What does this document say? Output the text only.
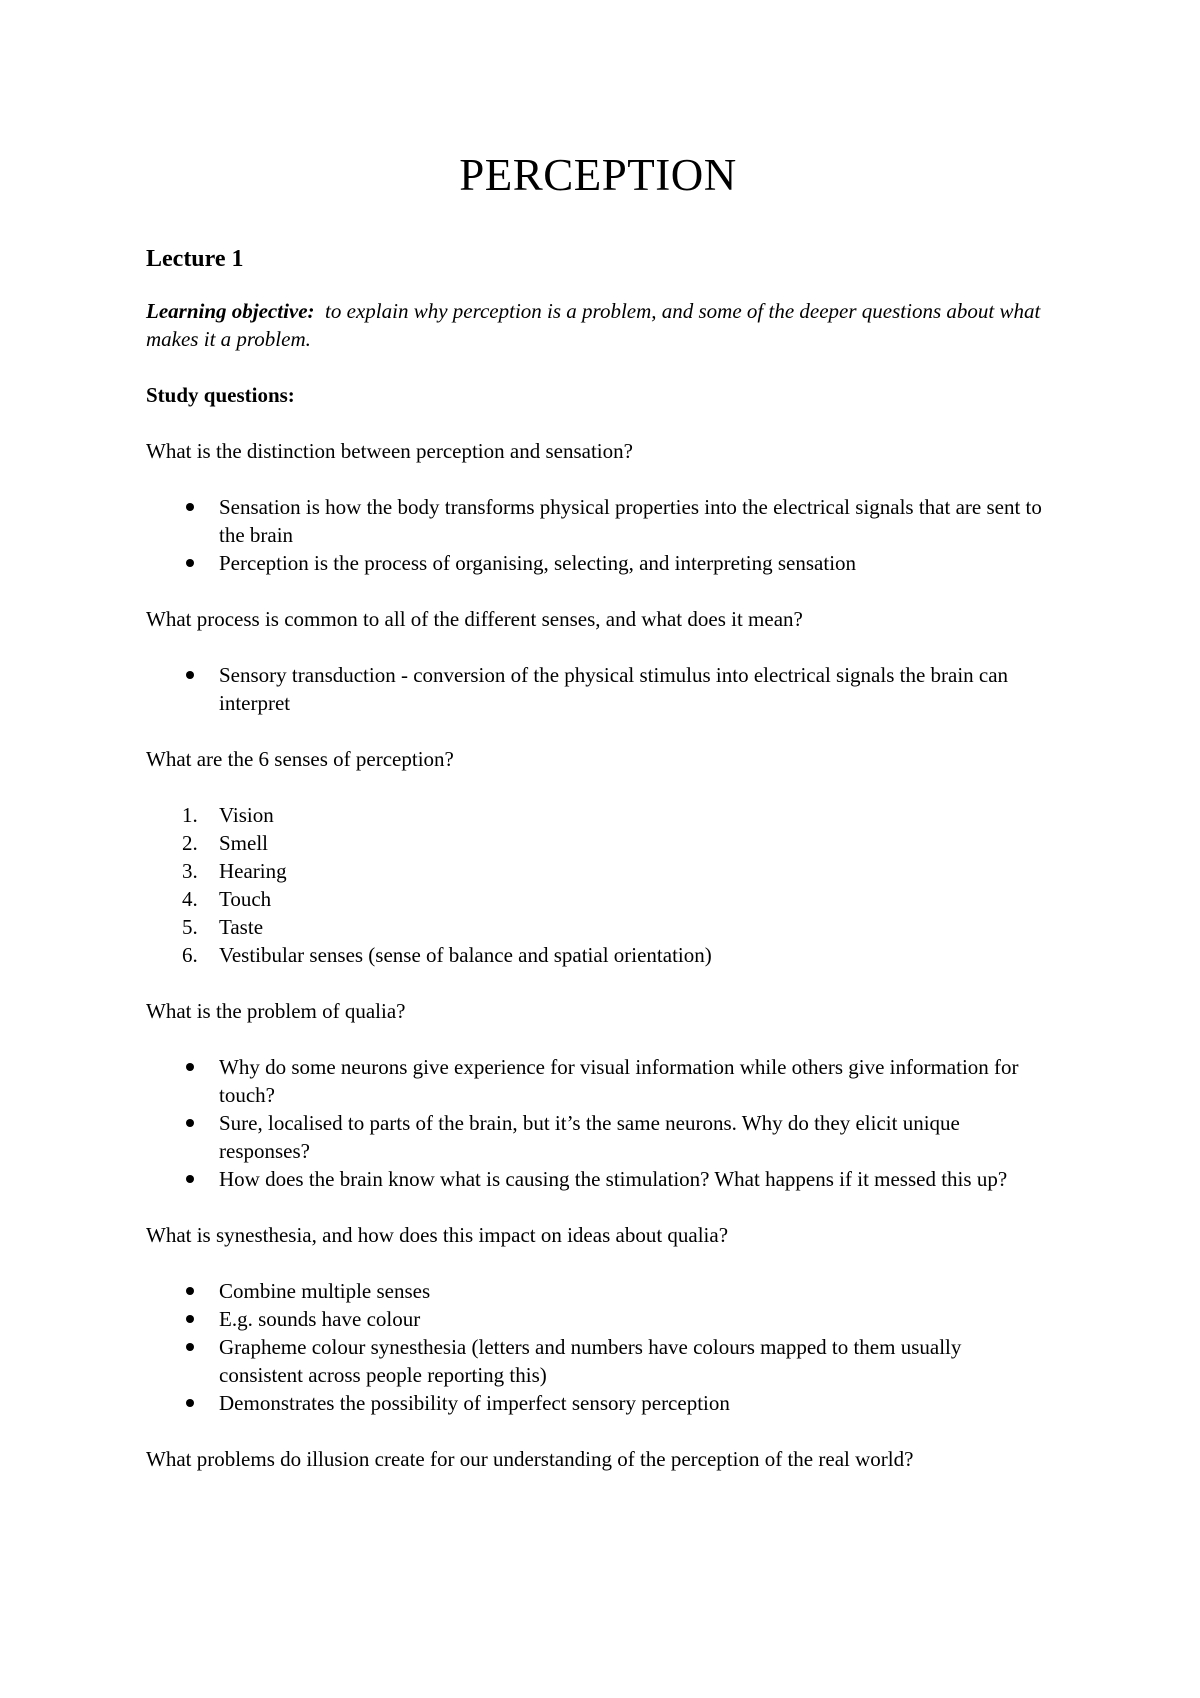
PERCEPTION
Lecture 1

Learning objective: to explain why perception is a problem, and some of the deeper questions about what makes it a problem.

Study questions:

What is the distinction between perception and sensation?

Sensation is how the body transforms physical properties into the electrical signals that are sent to the brain
Perception is the process of organising, selecting, and interpreting sensation

What process is common to all of the different senses, and what does it mean?

Sensory transduction - conversion of the physical stimulus into electrical signals the brain can interpret

What are the 6 senses of perception?

1. Vision
2. Smell
3. Hearing
4. Touch
5. Taste
6. Vestibular senses (sense of balance and spatial orientation)

What is the problem of qualia?

Why do some neurons give experience for visual information while others give information for touch?
Sure, localised to parts of the brain, but it’s the same neurons. Why do they elicit unique responses?
How does the brain know what is causing the stimulation? What happens if it messed this up?

What is synesthesia, and how does this impact on ideas about qualia?

Combine multiple senses
E.g. sounds have colour
Grapheme colour synesthesia (letters and numbers have colours mapped to them usually consistent across people reporting this)
Demonstrates the possibility of imperfect sensory perception

What problems do illusion create for our understanding of the perception of the real world?
